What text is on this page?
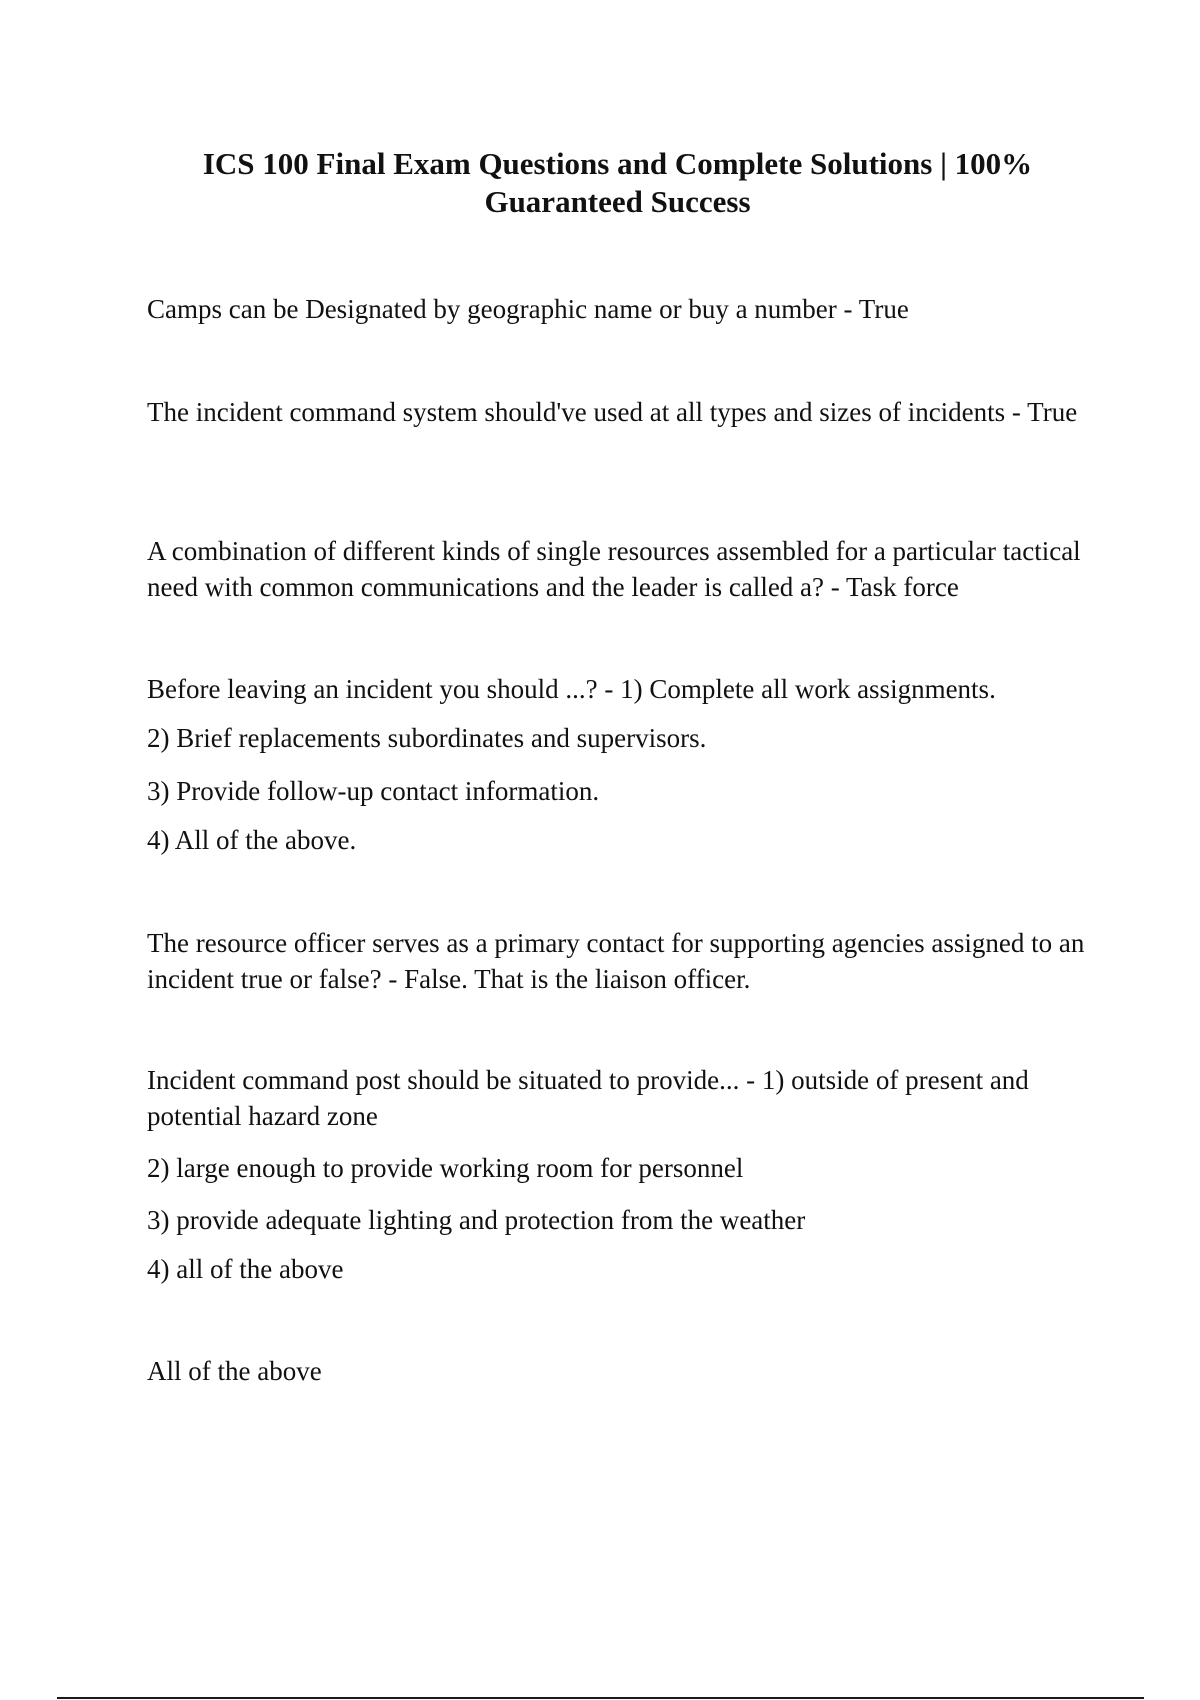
ICS 100 Final Exam Questions and Complete Solutions | 100% Guaranteed Success

Camps can be Designated by geographic name or buy a number - True

The incident command system should've used at all types and sizes of incidents - True

A combination of different kinds of single resources assembled for a particular tactical need with common communications and the leader is called a? - Task force

Before leaving an incident you should ...? - 1) Complete all work assignments.

2) Brief replacements subordinates and supervisors.

3) Provide follow-up contact information.

4) All of the above.

The resource officer serves as a primary contact for supporting agencies assigned to an incident true or false? - False. That is the liaison officer.

Incident command post should be situated to provide... - 1) outside of present and potential hazard zone

2) large enough to provide working room for personnel

3) provide adequate lighting and protection from the weather

4) all of the above

All of the above
